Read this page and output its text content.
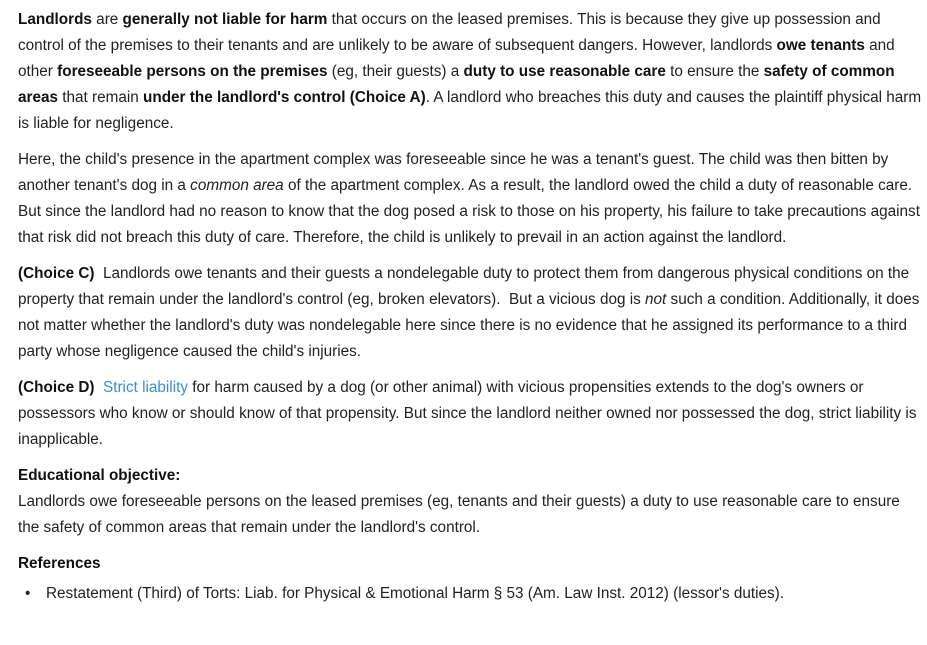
Landlords are generally not liable for harm that occurs on the leased premises. This is because they give up possession and control of the premises to their tenants and are unlikely to be aware of subsequent dangers. However, landlords owe tenants and other foreseeable persons on the premises (eg, their guests) a duty to use reasonable care to ensure the safety of common areas that remain under the landlord's control (Choice A). A landlord who breaches this duty and causes the plaintiff physical harm is liable for negligence.

Here, the child's presence in the apartment complex was foreseeable since he was a tenant's guest. The child was then bitten by another tenant's dog in a common area of the apartment complex. As a result, the landlord owed the child a duty of reasonable care. But since the landlord had no reason to know that the dog posed a risk to those on his property, his failure to take precautions against that risk did not breach this duty of care. Therefore, the child is unlikely to prevail in an action against the landlord.

(Choice C)  Landlords owe tenants and their guests a nondelegable duty to protect them from dangerous physical conditions on the property that remain under the landlord's control (eg, broken elevators).  But a vicious dog is not such a condition. Additionally, it does not matter whether the landlord's duty was nondelegable here since there is no evidence that he assigned its performance to a third party whose negligence caused the child's injuries.

(Choice D) Strict liability for harm caused by a dog (or other animal) with vicious propensities extends to the dog's owners or possessors who know or should know of that propensity. But since the landlord neither owned nor possessed the dog, strict liability is inapplicable.

Educational objective:

Landlords owe foreseeable persons on the leased premises (eg, tenants and their guests) a duty to use reasonable care to ensure the safety of common areas that remain under the landlord's control.

References
• Restatement (Third) of Torts: Liab. for Physical & Emotional Harm § 53 (Am. Law Inst. 2012) (lessor's duties).
